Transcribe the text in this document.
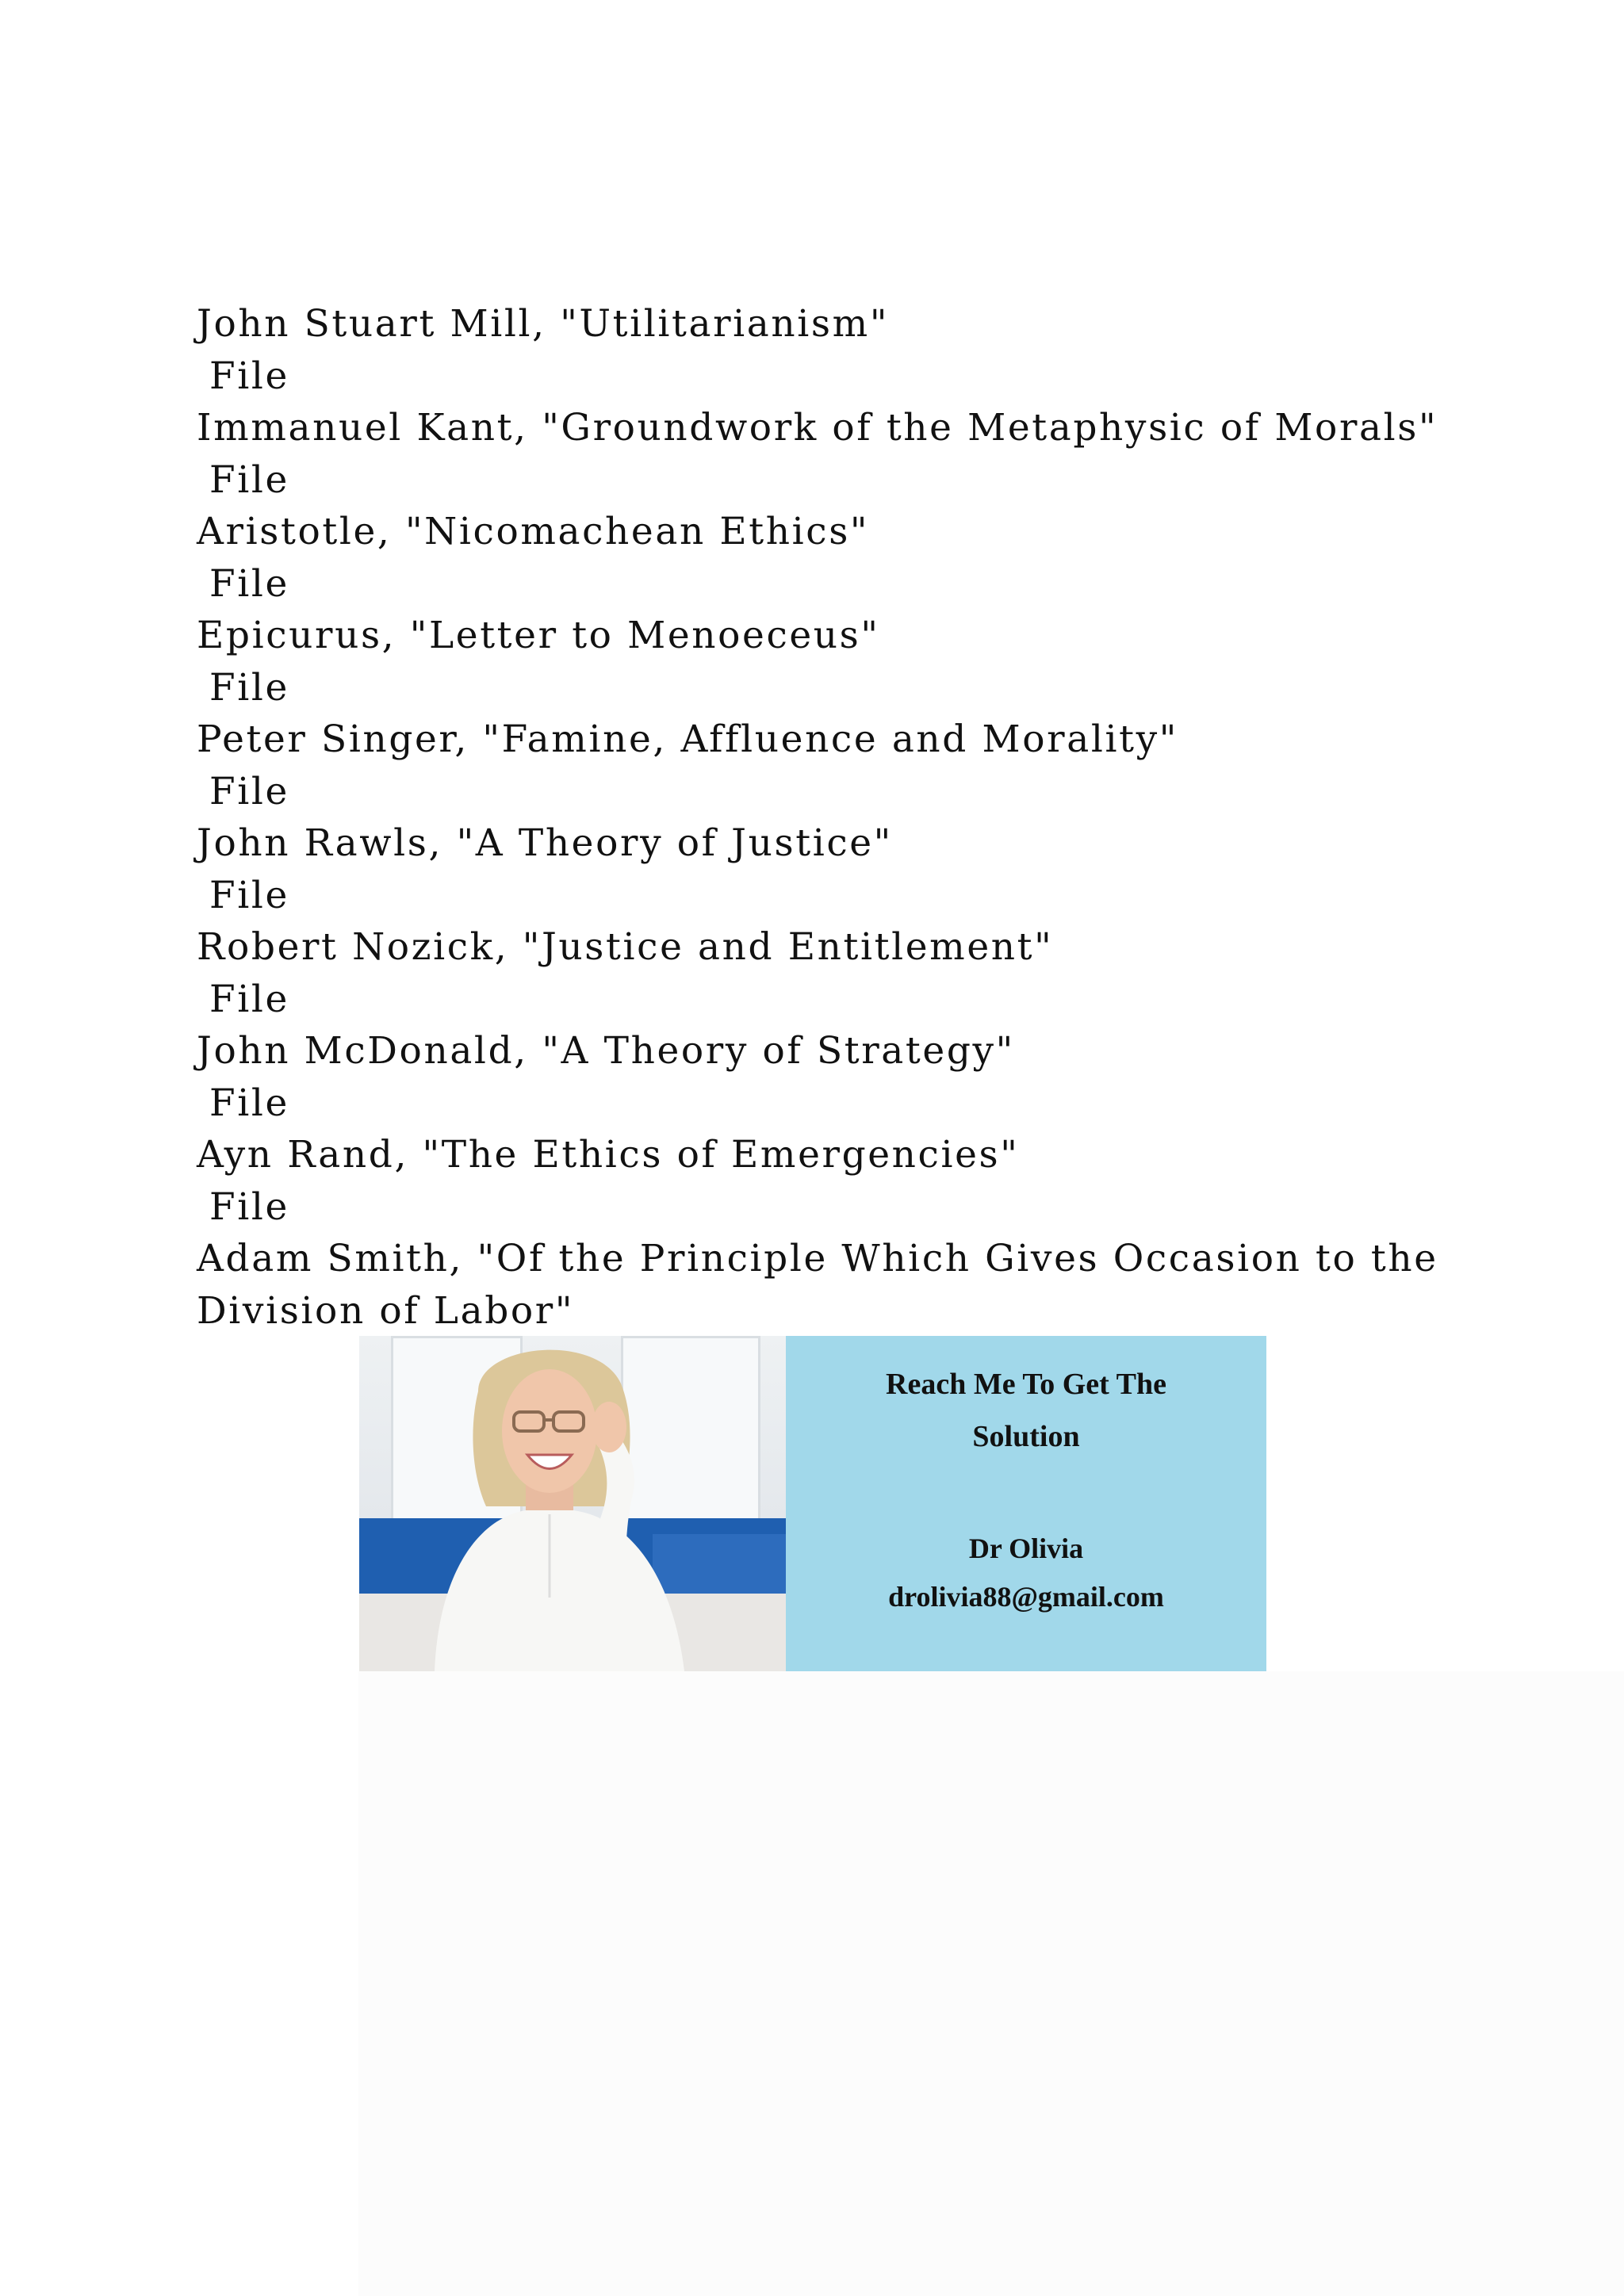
John Stuart Mill, "Utilitarianism"
File
Immanuel Kant, "Groundwork of the Metaphysic of Morals"
File
Aristotle, "Nicomachean Ethics"
File
Epicurus, "Letter to Menoeceus"
File
Peter Singer, "Famine, Affluence and Morality"
File
John Rawls, "A Theory of Justice"
File
Robert Nozick, "Justice and Entitlement"
File
John McDonald, "A Theory of Strategy"
File
Ayn Rand, "The Ethics of Emergencies"
File
Adam Smith, "Of the Principle Which Gives Occasion to the
Division of Labor"
Reach Me To Get The
Solution
Dr Olivia
drolivia88@gmail.com
